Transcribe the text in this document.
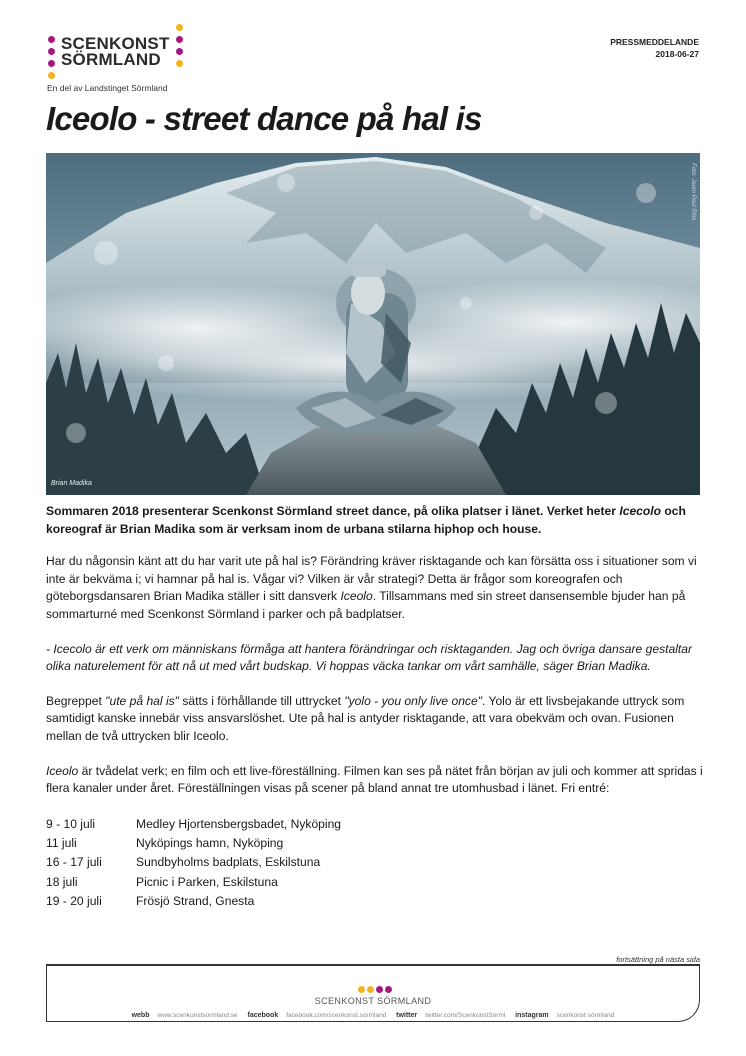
SCENKONST
SÖRMLAND
En del av Landstinget Sörmland
PRESSMEDDELANDE
2018-06-27
Iceolo - street dance på hal is
Brian Madika
Foto: Jeam Paul Rios

Sommaren 2018 presenterar Scenkonst Sörmland street dance, på olika platser i länet. Verket heter Icecolo och koreograf är Brian Madika som är verksam inom de urbana stilarna hiphop och house.

Har du någonsin känt att du har varit ute på hal is? Förändring kräver risktagande och kan försätta oss i situationer som vi inte är bekväma i; vi hamnar på hal is. Vågar vi? Vilken är vår strategi? Detta är frågor som koreografen och göteborgsdansaren Brian Madika ställer i sitt dansverk Iceolo. Tillsammans med sin street dansensemble bjuder han på sommarturné med Scenkonst Sörmland i parker och på badplatser.

- Icecolo är ett verk om människans förmåga att hantera förändringar och risktaganden. Jag och övriga dansare gestaltar olika naturelement för att nå ut med vårt budskap. Vi hoppas väcka tankar om vårt samhälle, säger Brian Madika.

Begreppet "ute på hal is" sätts i förhållande till uttrycket "yolo - you only live once". Yolo är ett livsbejakande uttryck som samtidigt kanske innebär viss ansvarslöshet. Ute på hal is antyder risktagande, att vara obekväm och ovan. Fusionen mellan de två uttrycken blir Iceolo.

Iceolo är tvådelat verk; en film och ett live-föreställning. Filmen kan ses på nätet från början av juli och kommer att spridas i flera kanaler under året. Föreställningen visas på scener på bland annat tre utomhusbad i länet. Fri entré:

9 - 10 juli	Medley Hjortensbergsbadet, Nyköping
11 juli	Nyköpings hamn, Nyköping
16 - 17 juli	Sundbyholms badplats, Eskilstuna
18 juli	Picnic i Parken, Eskilstuna
19 - 20 juli	Frösjö Strand, Gnesta
fortsättning på nästa sida
SCENKONST SÖRMLAND
webb www.scenkonstsormland.se facebook facebook.com/scenkonst.sormland twitter twitter.com/ScenkonstSorml instagram scenkonst sörmland
